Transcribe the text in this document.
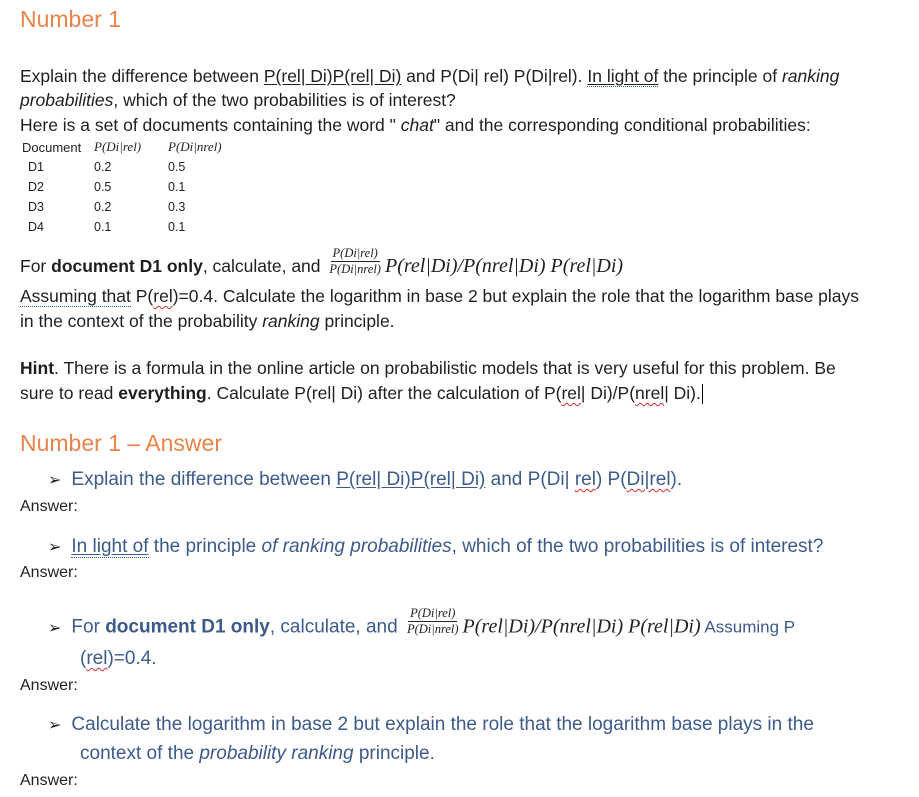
Number 1
Explain the difference between P(rel| Di)P(rel| Di) and P(Di| rel) P(Di|rel). In light of the principle of ranking
probabilities, which of the two probabilities is of interest?
Here is a set of documents containing the word " chat" and the corresponding conditional probabilities:
Document	P(Di|rel)	P(Di|nrel)
D1	0.2	0.5
D2	0.5	0.1
D3	0.2	0.3
D4	0.1	0.1
For document D1 only, calculate, and $\frac{\text{P(Di|rel)}}{\text{P(Di|nrel)}}$ P(rel|Di)/P(nrel|Di) P(rel|Di)
Assuming that P(rel)=0.4. Calculate the logarithm in base 2 but explain the role that the logarithm base plays
in the context of the probability ranking principle.
Hint. There is a formula in the online article on probabilistic models that is very useful for this problem. Be
sure to read everything. Calculate P(rel| Di) after the calculation of P(rel| Di)/P(nrel| Di).
Number 1 – Answer
➢ Explain the difference between P(rel| Di)P(rel| Di) and P(Di| rel) P(Di|rel).
Answer:
➢ In light of the principle of ranking probabilities, which of the two probabilities is of interest?
Answer:
➢ For document D1 only, calculate, and $\frac{\text{P(Di|rel)}}{\text{P(Di|nrel)}}$ P(rel|Di)/P(nrel|Di) P(rel|Di) Assuming P
(rel)=0.4.
Answer:
➢ Calculate the logarithm in base 2 but explain the role that the logarithm base plays in the
context of the probability ranking principle.
Answer:
